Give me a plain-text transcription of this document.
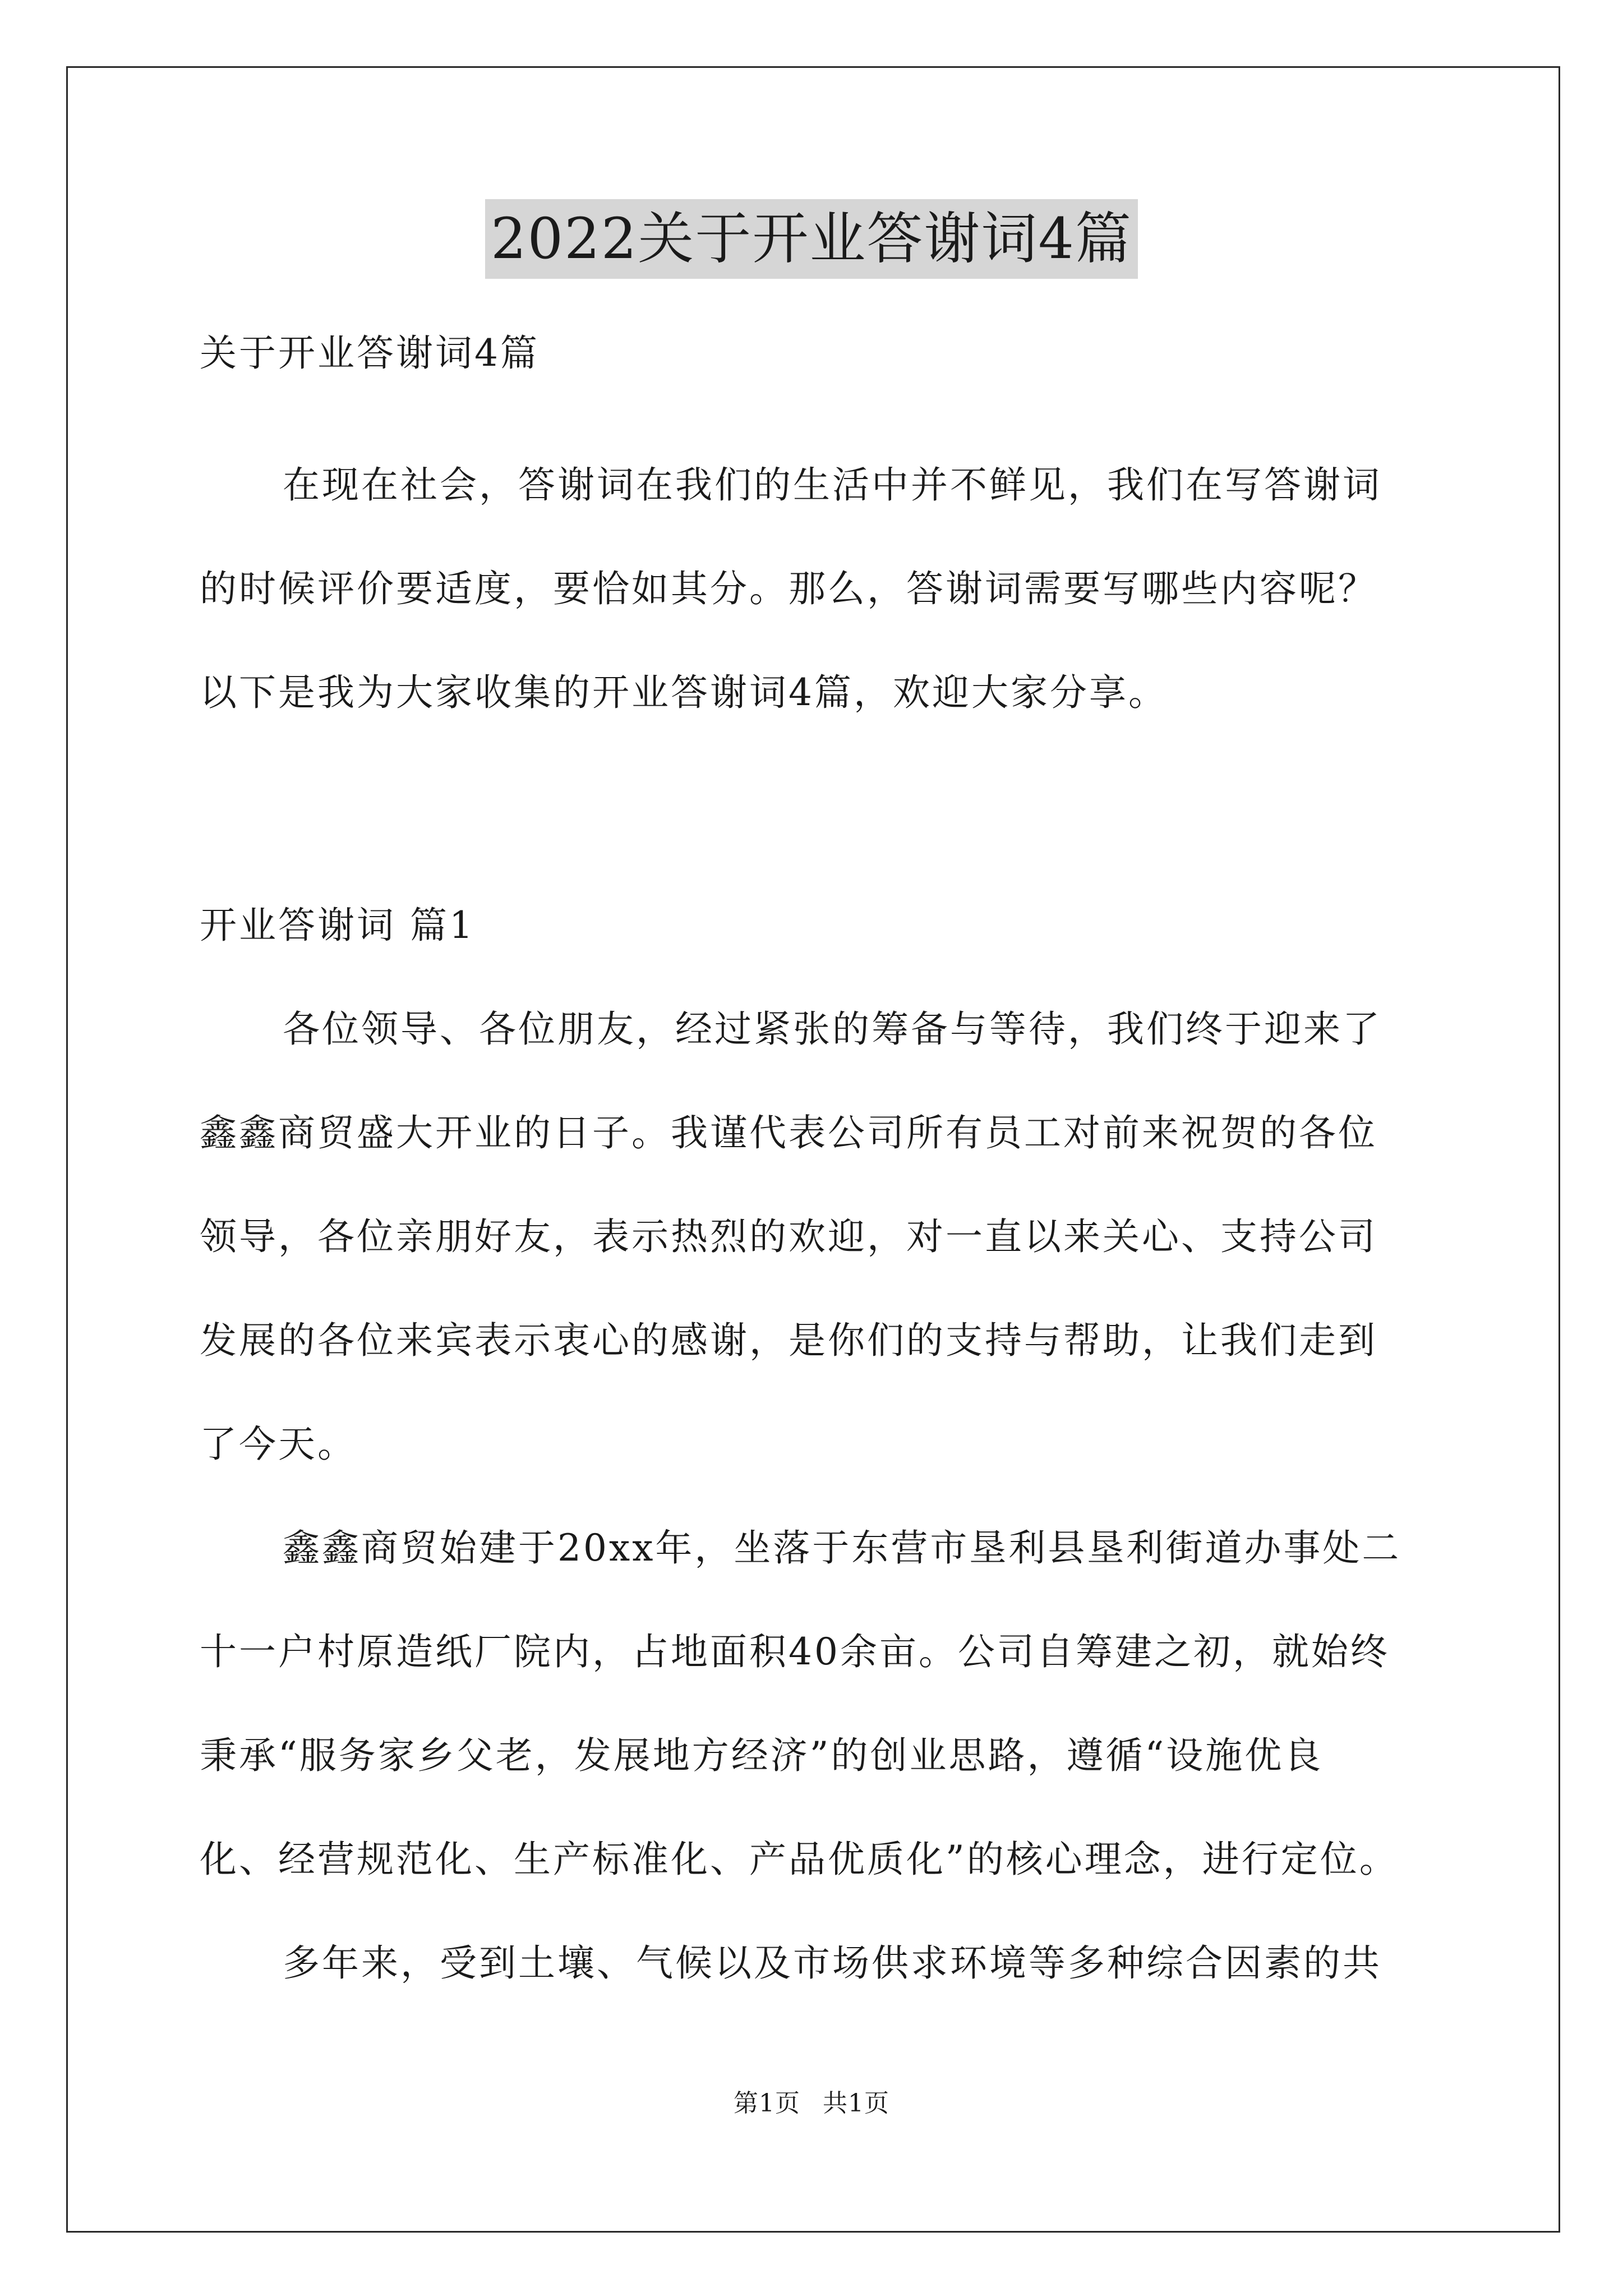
2022关于开业答谢词4篇
关于开业答谢词4篇
在现在社会，答谢词在我们的生活中并不鲜见，我们在写答谢词
的时候评价要适度，要恰如其分。那么，答谢词需要写哪些内容呢？
以下是我为大家收集的开业答谢词4篇，欢迎大家分享。
开业答谢词 篇1
各位领导、各位朋友，经过紧张的筹备与等待，我们终于迎来了
鑫鑫商贸盛大开业的日子。我谨代表公司所有员工对前来祝贺的各位
领导，各位亲朋好友，表示热烈的欢迎，对一直以来关心、支持公司
发展的各位来宾表示衷心的感谢，是你们的支持与帮助，让我们走到
了今天。
鑫鑫商贸始建于20xx年，坐落于东营市垦利县垦利街道办事处二
十一户村原造纸厂院内，占地面积40余亩。公司自筹建之初，就始终
秉承“服务家乡父老，发展地方经济”的创业思路，遵循“设施优良
化、经营规范化、生产标准化、产品优质化”的核心理念，进行定位。
多年来，受到土壤、气候以及市场供求环境等多种综合因素的共
第1页 共1页
